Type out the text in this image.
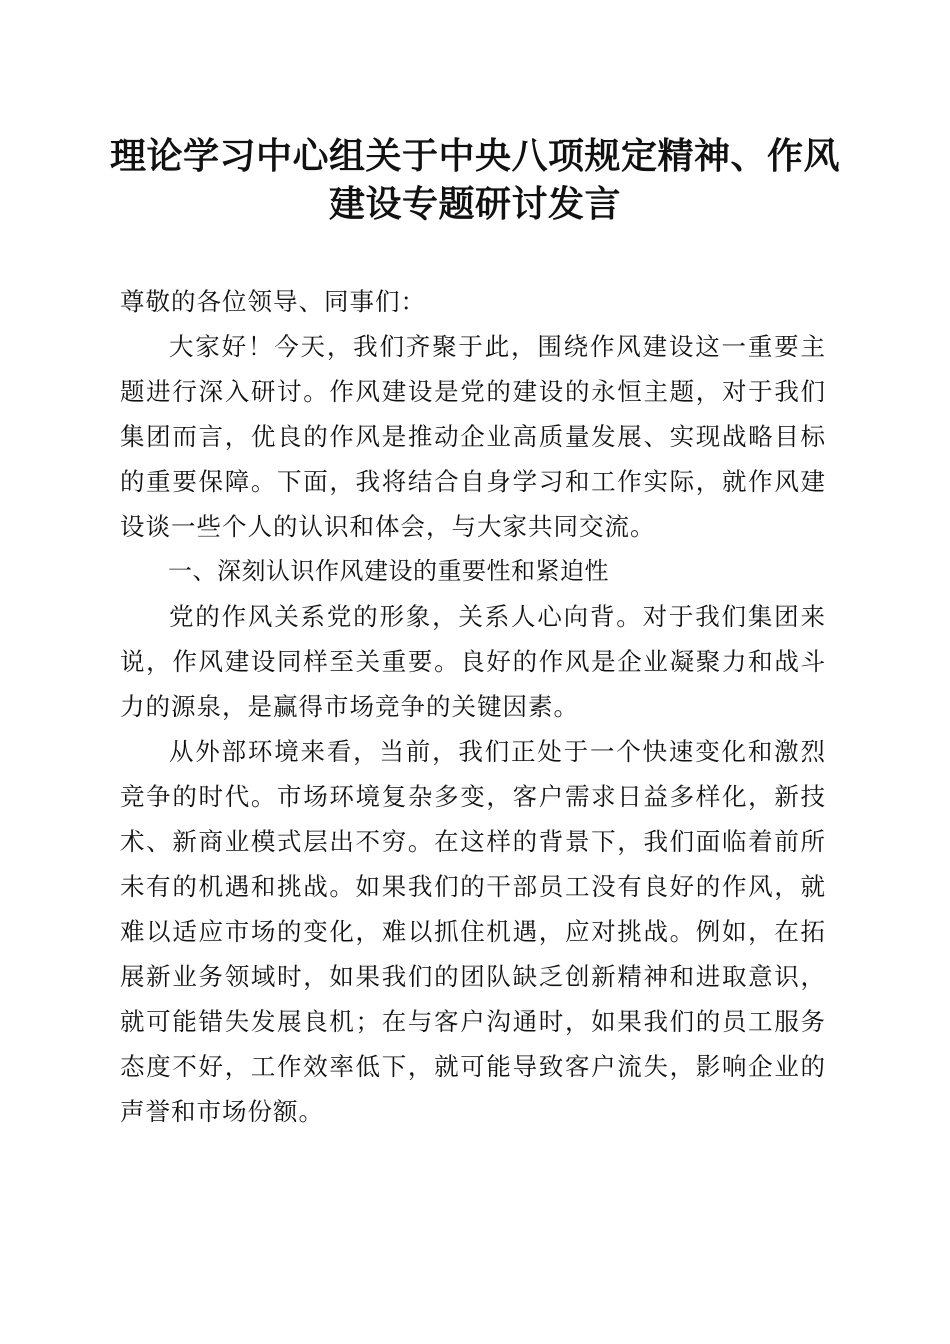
理论学习中心组关于中央八项规定精神、作风
建设专题研讨发言

尊敬的各位领导、同事们：

大家好！今天，我们齐聚于此，围绕作风建设这一重要主题进行深入研讨。作风建设是党的建设的永恒主题，对于我们集团而言，优良的作风是推动企业高质量发展、实现战略目标的重要保障。下面，我将结合自身学习和工作实际，就作风建设谈一些个人的认识和体会，与大家共同交流。

一、深刻认识作风建设的重要性和紧迫性

党的作风关系党的形象，关系人心向背。对于我们集团来说，作风建设同样至关重要。良好的作风是企业凝聚力和战斗力的源泉，是赢得市场竞争的关键因素。

从外部环境来看，当前，我们正处于一个快速变化和激烈竞争的时代。市场环境复杂多变，客户需求日益多样化，新技术、新商业模式层出不穷。在这样的背景下，我们面临着前所未有的机遇和挑战。如果我们的干部员工没有良好的作风，就难以适应市场的变化，难以抓住机遇，应对挑战。例如，在拓展新业务领域时，如果我们的团队缺乏创新精神和进取意识，就可能错失发展良机；在与客户沟通时，如果我们的员工服务态度不好，工作效率低下，就可能导致客户流失，影响企业的声誉和市场份额。
